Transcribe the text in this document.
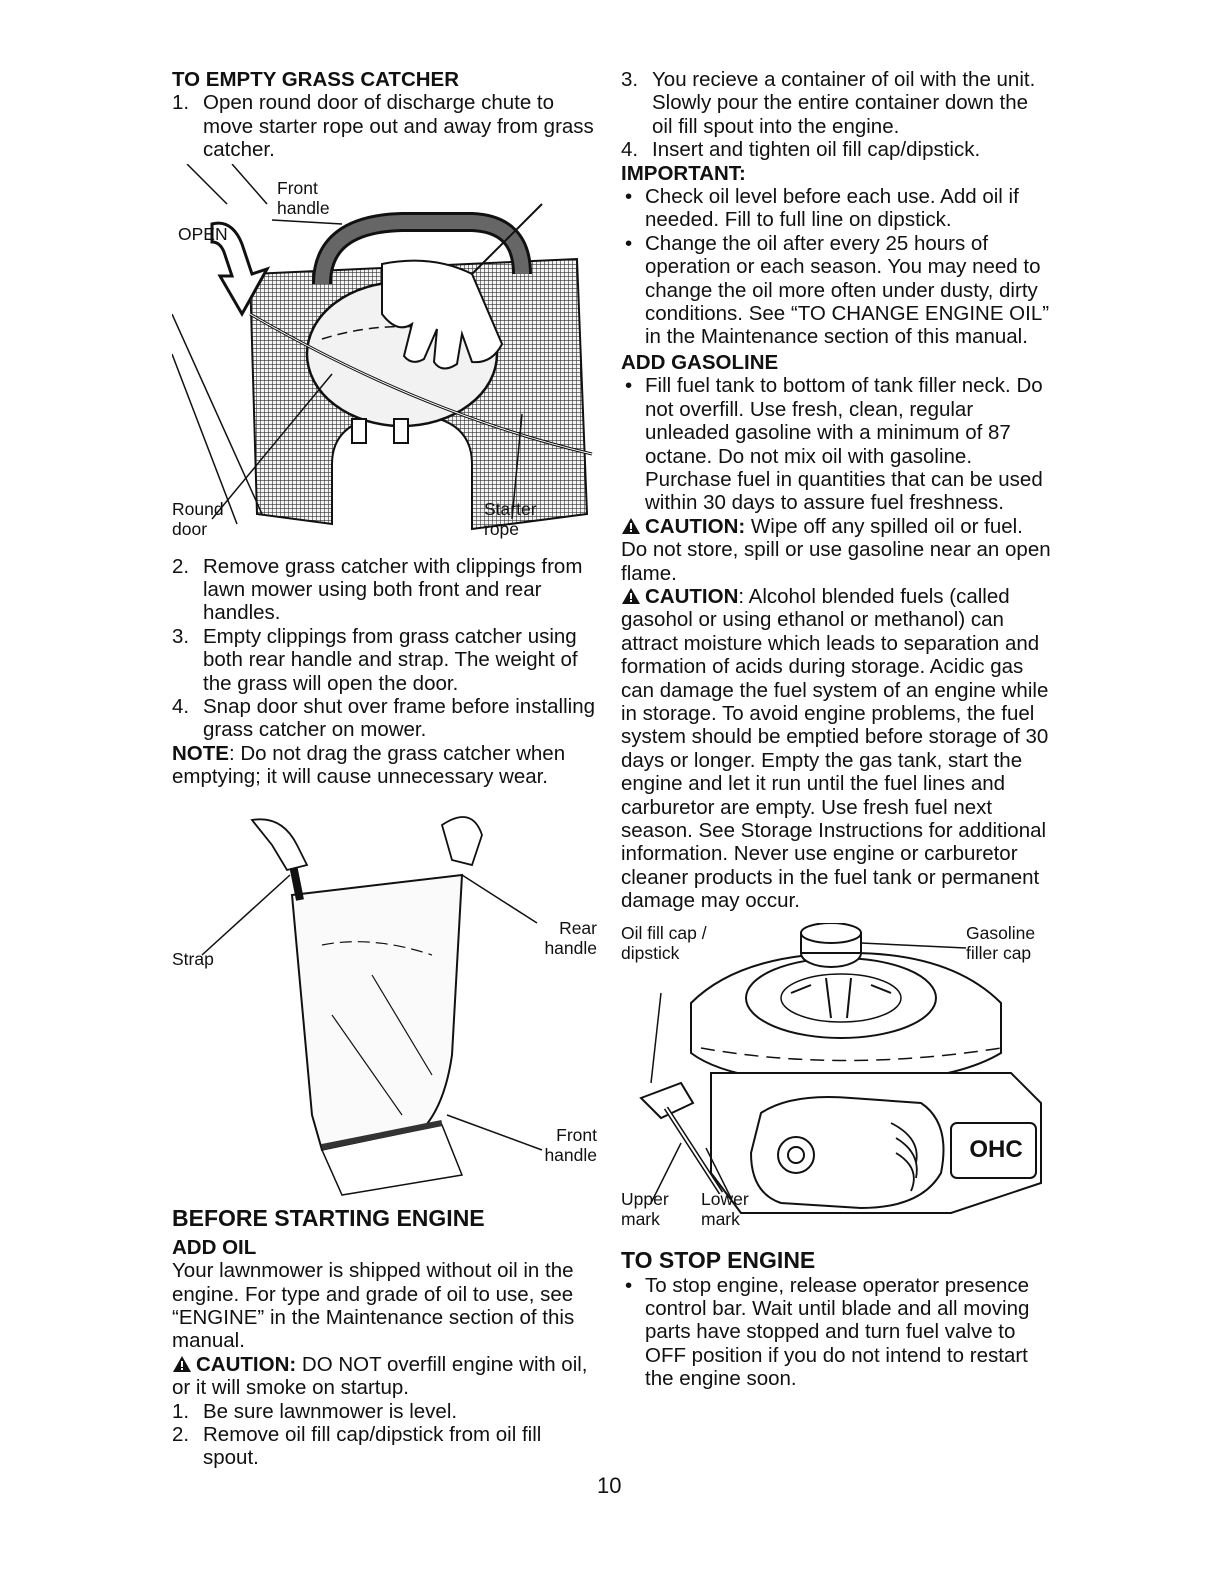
TO EMPTY GRASS CATCHER
1. Open round door of discharge chute to move starter rope out and away from grass catcher.
Front handle
OPEN
Round door
Starter rope
2. Remove grass catcher with clippings from lawn mower using both front and rear handles.
3. Empty clippings from grass catcher using both rear handle and strap. The weight of the grass will open the door.
4. Snap door shut over frame before installing grass catcher on mower.

NOTE: Do not drag the grass catcher when emptying; it will cause unnecessary wear.

Rear handle
Strap
Front handle
BEFORE STARTING ENGINE
ADD OIL

Your lawnmower is shipped without oil in the engine. For type and grade of oil to use, see “ENGINE” in the Maintenance section of this manual.

CAUTION: DO NOT overfill engine with oil, or it will smoke on startup.

1. Be sure lawnmower is level.
2. Remove oil fill cap/dipstick from oil fill spout.
3. You recieve a container of oil with the unit. Slowly pour the entire container down the oil fill spout into the engine.
4. Insert and tighten oil fill cap/dipstick.
IMPORTANT:
• Check oil level before each use. Add oil if needed. Fill to full line on dipstick.
• Change the oil after every 25 hours of operation or each season. You may need to change the oil more often under dusty, dirty conditions. See “TO CHANGE ENGINE OIL” in the Maintenance section of this manual.
ADD GASOLINE
• Fill fuel tank to bottom of tank filler neck. Do not overfill. Use fresh, clean, regular unleaded gasoline with a minimum of 87 octane. Do not mix oil with gasoline. Purchase fuel in quantities that can be used within 30 days to assure fuel freshness.

CAUTION: Wipe off any spilled oil or fuel. Do not store, spill or use gasoline near an open flame.

CAUTION: Alcohol blended fuels (called gasohol or using ethanol or methanol) can attract moisture which leads to separation and formation of acids during storage. Acidic gas can damage the fuel system of an engine while in storage. To avoid engine problems, the fuel system should be emptied before storage of 30 days or longer. Empty the gas tank, start the engine and let it run until the fuel lines and carburetor are empty. Use fresh fuel next season. See Storage Instructions for additional information. Never use engine or carburetor cleaner products in the fuel tank or permanent damage may occur.

Oil fill cap / dipstick
Gasoline filler cap
Upper mark
Lower mark
OHC
TO STOP ENGINE
• To stop engine, release operator presence control bar. Wait until blade and all moving parts have stopped and turn fuel valve to OFF position if you do not intend to restart the engine soon.
10
